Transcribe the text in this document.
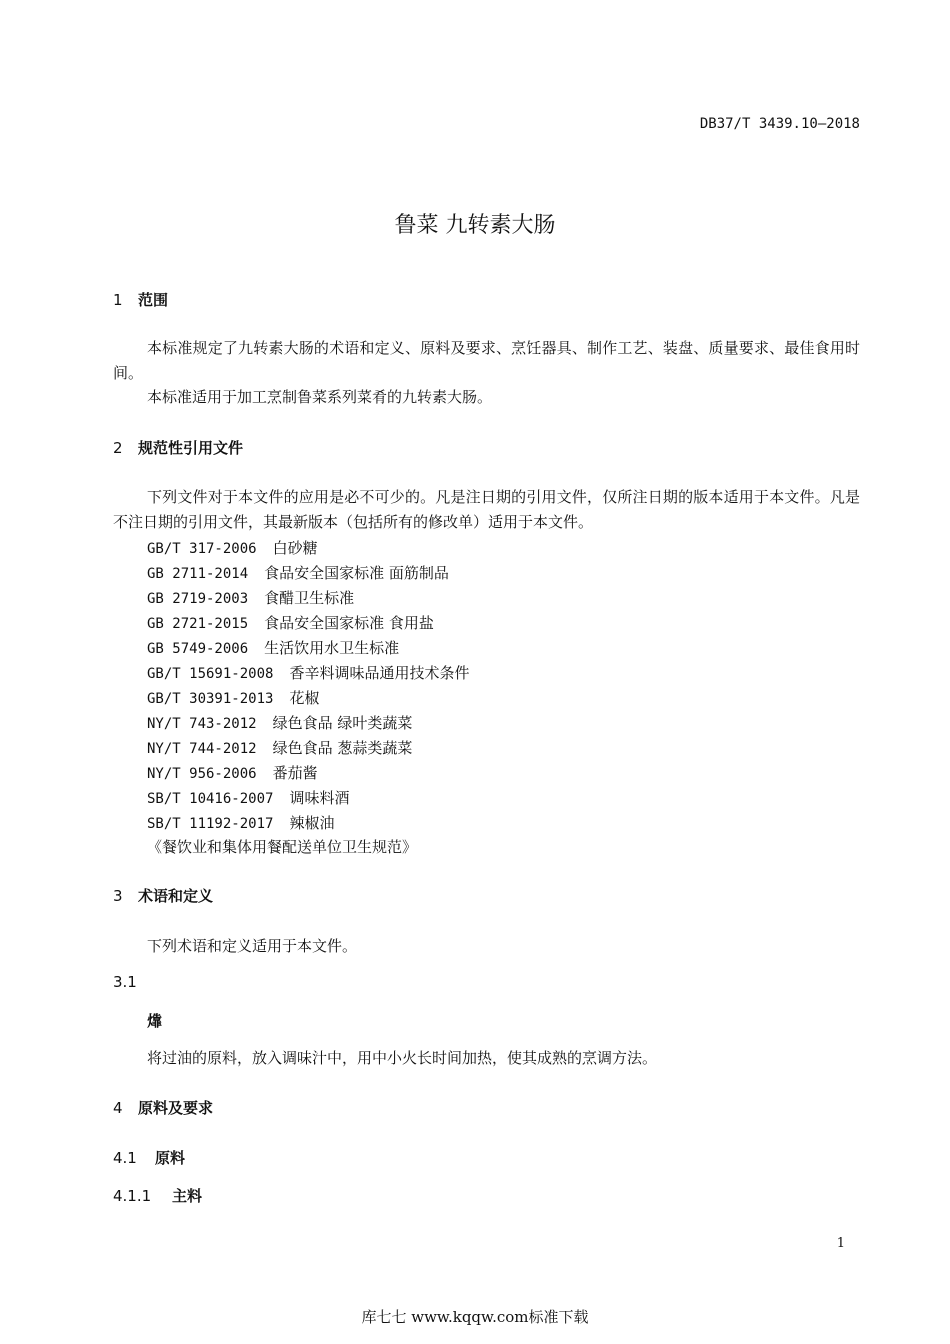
DB37/T 3439.10—2018
鲁菜 九转素大肠
1 范围
本标准规定了九转素大肠的术语和定义、原料及要求、烹饪器具、制作工艺、装盘、质量要求、最佳食用时间。
本标准适用于加工烹制鲁菜系列菜肴的九转素大肠。
2 规范性引用文件
下列文件对于本文件的应用是必不可少的。凡是注日期的引用文件，仅所注日期的版本适用于本文件。凡是不注日期的引用文件，其最新版本（包括所有的修改单）适用于本文件。
GB/T 317-2006 白砂糖
GB 2711-2014 食品安全国家标准 面筋制品
GB 2719-2003 食醋卫生标准
GB 2721-2015 食品安全国家标准 食用盐
GB 5749-2006 生活饮用水卫生标准
GB/T 15691-2008 香辛料调味品通用技术条件
GB/T 30391-2013 花椒
NY/T 743-2012 绿色食品 绿叶类蔬菜
NY/T 744-2012 绿色食品 葱蒜类蔬菜
NY/T 956-2006 番茄酱
SB/T 10416-2007 调味料酒
SB/T 11192-2017 辣椒油
《餐饮业和集体用餐配送单位卫生规范》
3 术语和定义
下列术语和定义适用于本文件。
3.1
㸆
将过油的原料，放入调味汁中，用中小火长时间加热，使其成熟的烹调方法。
4 原料及要求
4.1 原料
4.1.1 主料
1
库七七 www.kqqw.com标准下载
